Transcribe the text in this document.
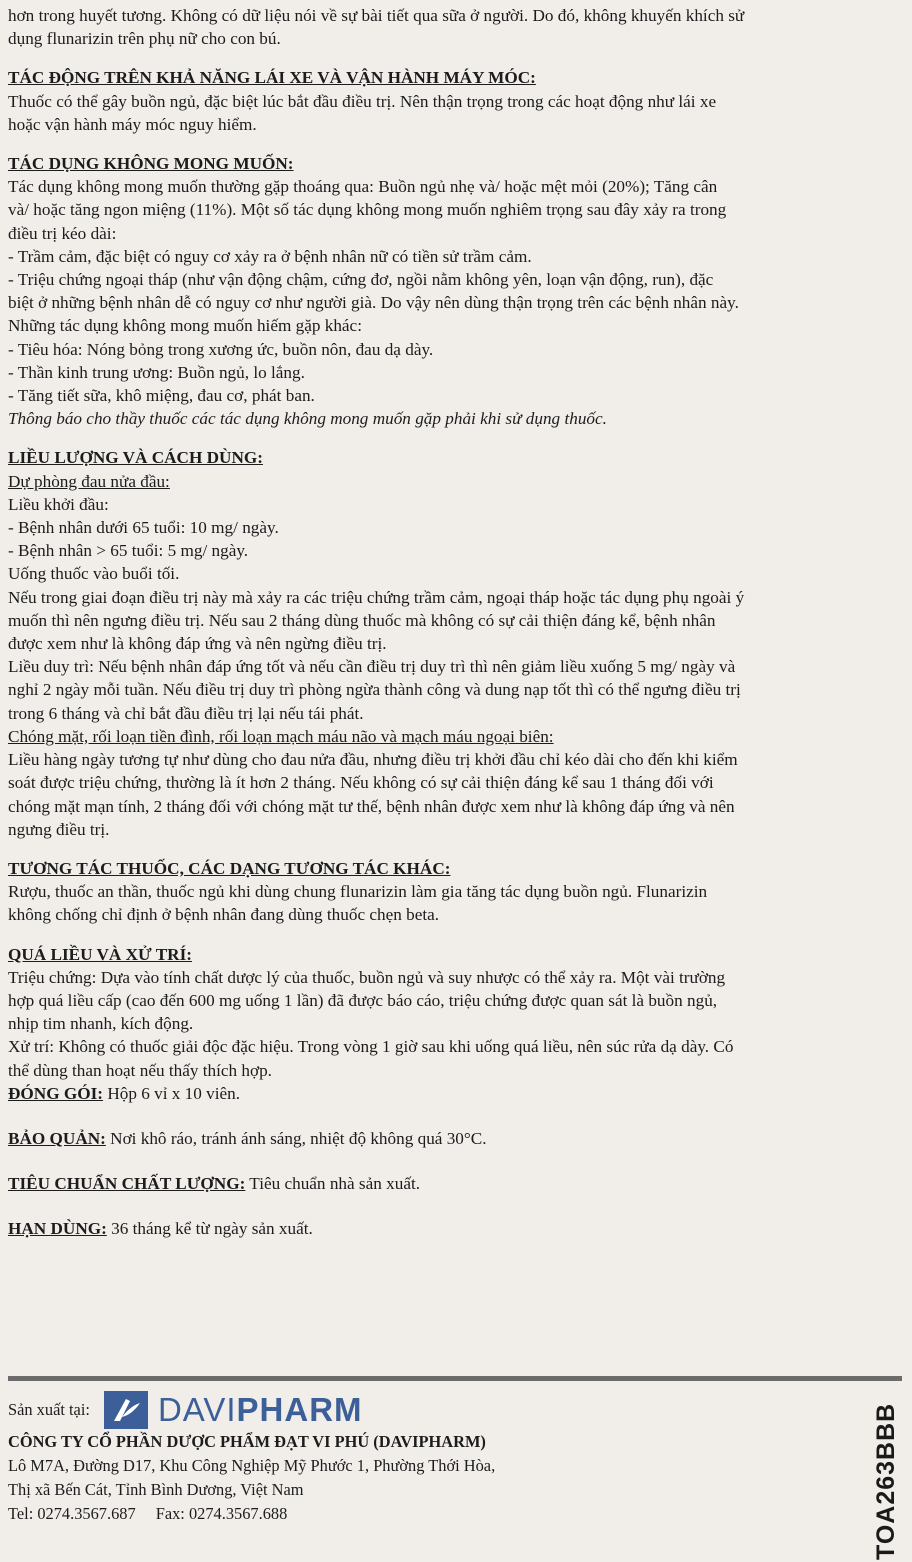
hơn trong huyết tương. Không có dữ liệu nói về sự bài tiết qua sữa ở người. Do đó, không khuyến khích sử

dụng flunarizin trên phụ nữ cho con bú.

TÁC ĐỘNG TRÊN KHẢ NĂNG LÁI XE VÀ VẬN HÀNH MÁY MÓC:

Thuốc có thể gây buồn ngủ, đặc biệt lúc bắt đầu điều trị. Nên thận trọng trong các hoạt động như lái xe

hoặc vận hành máy móc nguy hiểm.

TÁC DỤNG KHÔNG MONG MUỐN:

Tác dụng không mong muốn thường gặp thoáng qua: Buồn ngủ nhẹ và/ hoặc mệt mỏi (20%); Tăng cân

và/ hoặc tăng ngon miệng (11%). Một số tác dụng không mong muốn nghiêm trọng sau đây xảy ra trong

điều trị kéo dài:

- Trầm cảm, đặc biệt có nguy cơ xảy ra ở bệnh nhân nữ có tiền sử trầm cảm.

- Triệu chứng ngoại tháp (như vận động chậm, cứng đơ, ngồi nằm không yên, loạn vận động, run), đặc

biệt ở những bệnh nhân dễ có nguy cơ như người già. Do vậy nên dùng thận trọng trên các bệnh nhân này.

Những tác dụng không mong muốn hiếm gặp khác:

- Tiêu hóa: Nóng bỏng trong xương ức, buồn nôn, đau dạ dày.

- Thần kinh trung ương: Buồn ngủ, lo lắng.

- Tăng tiết sữa, khô miệng, đau cơ, phát ban.

Thông báo cho thầy thuốc các tác dụng không mong muốn gặp phải khi sử dụng thuốc.

LIỀU LƯỢNG VÀ CÁCH DÙNG:

Dự phòng đau nửa đầu:

Liều khởi đầu:

- Bệnh nhân dưới 65 tuổi: 10 mg/ ngày.

- Bệnh nhân > 65 tuổi: 5 mg/ ngày.

Uống thuốc vào buổi tối.

Nếu trong giai đoạn điều trị này mà xảy ra các triệu chứng trầm cảm, ngoại tháp hoặc tác dụng phụ ngoài ý

muốn thì nên ngưng điều trị. Nếu sau 2 tháng dùng thuốc mà không có sự cải thiện đáng kể, bệnh nhân

được xem như là không đáp ứng và nên ngừng điều trị.

Liều duy trì: Nếu bệnh nhân đáp ứng tốt và nếu cần điều trị duy trì thì nên giảm liều xuống 5 mg/ ngày và

nghỉ 2 ngày mỗi tuần. Nếu điều trị duy trì phòng ngừa thành công và dung nạp tốt thì có thể ngưng điều trị

trong 6 tháng và chỉ bắt đầu điều trị lại nếu tái phát.

Chóng mặt, rối loạn tiền đình, rối loạn mạch máu não và mạch máu ngoại biên:

Liều hàng ngày tương tự như dùng cho đau nửa đầu, nhưng điều trị khởi đầu chỉ kéo dài cho đến khi kiểm

soát được triệu chứng, thường là ít hơn 2 tháng. Nếu không có sự cải thiện đáng kể sau 1 tháng đối với

chóng mặt mạn tính, 2 tháng đối với chóng mặt tư thế, bệnh nhân được xem như là không đáp ứng và nên

ngưng điều trị.

TƯƠNG TÁC THUỐC, CÁC DẠNG TƯƠNG TÁC KHÁC:

Rượu, thuốc an thần, thuốc ngủ khi dùng chung flunarizin làm gia tăng tác dụng buồn ngủ. Flunarizin

không chống chỉ định ở bệnh nhân đang dùng thuốc chẹn beta.

QUÁ LIỀU VÀ XỬ TRÍ:

Triệu chứng: Dựa vào tính chất dược lý của thuốc, buồn ngủ và suy nhược có thể xảy ra. Một vài trường

hợp quá liều cấp (cao đến 600 mg uống 1 lần) đã được báo cáo, triệu chứng được quan sát là buồn ngủ,

nhịp tim nhanh, kích động.

Xử trí: Không có thuốc giải độc đặc hiệu. Trong vòng 1 giờ sau khi uống quá liều, nên súc rửa dạ dày. Có

thể dùng than hoạt nếu thấy thích hợp.

ĐÓNG GÓI: Hộp 6 vỉ x 10 viên.

BẢO QUẢN: Nơi khô ráo, tránh ánh sáng, nhiệt độ không quá 30°C.

TIÊU CHUẨN CHẤT LƯỢNG: Tiêu chuẩn nhà sản xuất.

HẠN DÙNG: 36 tháng kể từ ngày sản xuất.

Sản xuất tại: DAVIPHARM

CÔNG TY CỔ PHẦN DƯỢC PHẨM ĐẠT VI PHÚ (DAVIPHARM)

Lô M7A, Đường D17, Khu Công Nghiệp Mỹ Phước 1, Phường Thới Hòa,

Thị xã Bến Cát, Tỉnh Bình Dương, Việt Nam

Tel: 0274.3567.687 Fax: 0274.3567.688	TOA263BBB
